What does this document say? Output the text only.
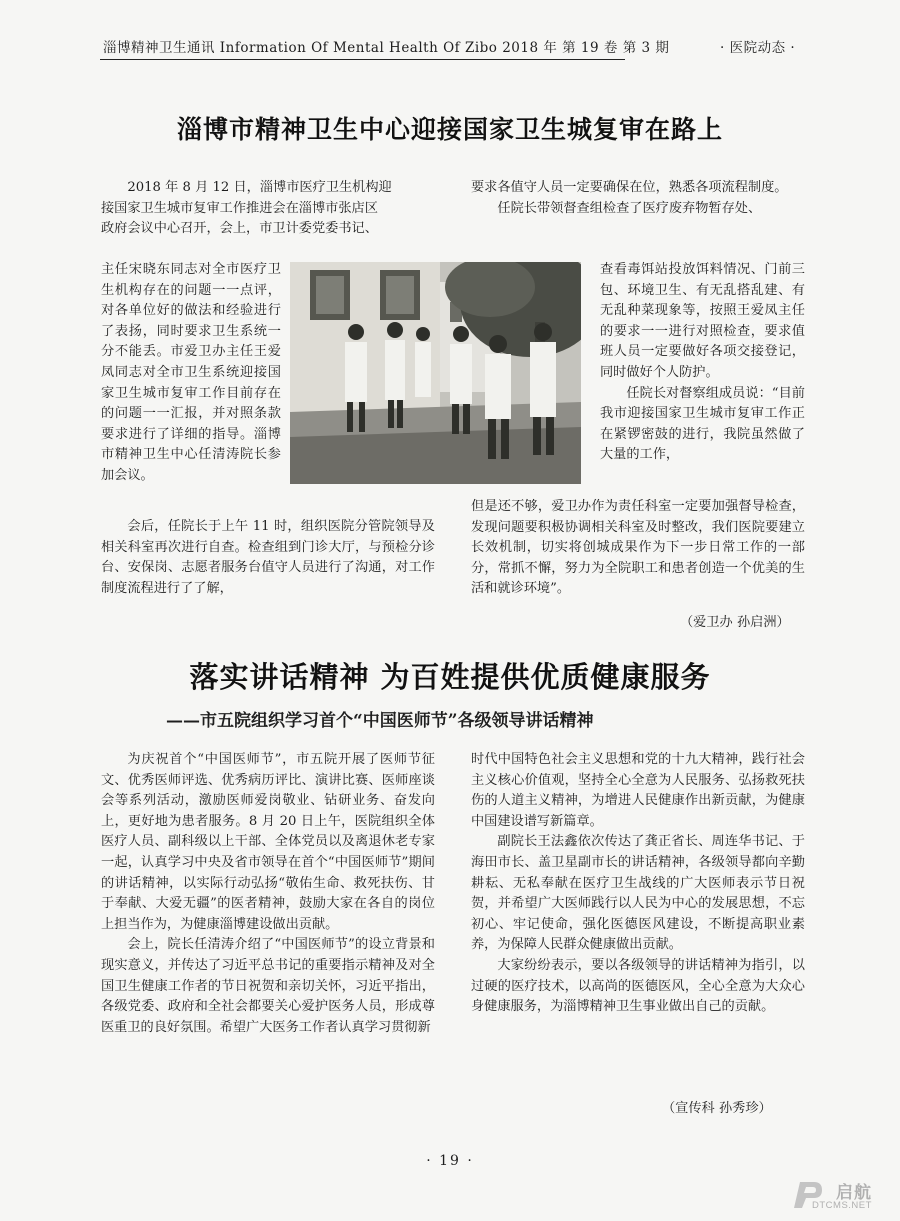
淄博精神卫生通讯 Information Of Mental Health Of Zibo 2018 年 第 19 卷 第 3 期	· 医院动态 ·
淄博市精神卫生中心迎接国家卫生城复审在路上

2018 年 8 月 12 日，淄博市医疗卫生机构迎

接国家卫生城市复审工作推进会在淄博市张店区

政府会议中心召开，会上，市卫计委党委书记、

主任宋晓东同志对全市医疗卫生机构存在的问题一一点评，对各单位好的做法和经验进行了表扬，同时要求卫生系统一分不能丢。市爱卫办主任王爱凤同志对全市卫生系统迎接国家卫生城市复审工作目前存在的问题一一汇报，并对照条款要求进行了详细的指导。淄博市精神卫生中心任清涛院长参加会议。

会后，任院长于上午 11 时，组织医院分管院领导及相关科室再次进行自查。检查组到门诊大厅，与预检分诊台、安保岗、志愿者服务台值守人员进行了沟通，对工作制度流程进行了了解，

要求各值守人员一定要确保在位，熟悉各项流程制度。

任院长带领督查组检查了医疗废弃物暂存处、

查看毒饵站投放饵料情况、门前三包、环境卫生、有无乱搭乱建、有无乱种菜现象等，按照王爱凤主任的要求一一进行对照检查，要求值班人员一定要做好各项交接登记，同时做好个人防护。

任院长对督察组成员说：“目前我市迎接国家卫生城市复审工作正在紧锣密鼓的进行，我院虽然做了大量的工作，

但是还不够，爱卫办作为责任科室一定要加强督导检查，发现问题要积极协调相关科室及时整改，我们医院要建立长效机制，切实将创城成果作为下一步日常工作的一部分，常抓不懈，努力为全院职工和患者创造一个优美的生活和就诊环境”。

（爱卫办 孙启洲）
落实讲话精神 为百姓提供优质健康服务
——市五院组织学习首个“中国医师节”各级领导讲话精神

为庆祝首个“中国医师节”，市五院开展了医师节征文、优秀医师评选、优秀病历评比、演讲比赛、医师座谈会等系列活动，激励医师爱岗敬业、钻研业务、奋发向上，更好地为患者服务。8 月 20 日上午，医院组织全体医疗人员、副科级以上干部、全体党员以及离退休老专家一起，认真学习中央及省市领导在首个“中国医师节”期间的讲话精神，以实际行动弘扬“敬佑生命、救死扶伤、甘于奉献、大爱无疆”的医者精神，鼓励大家在各自的岗位上担当作为，为健康淄博建设做出贡献。

会上，院长任清涛介绍了“中国医师节”的设立背景和现实意义，并传达了习近平总书记的重要指示精神及对全国卫生健康工作者的节日祝贺和亲切关怀，习近平指出，各级党委、政府和全社会都要关心爱护医务人员，形成尊医重卫的良好氛围。希望广大医务工作者认真学习贯彻新

时代中国特色社会主义思想和党的十九大精神，践行社会主义核心价值观，坚持全心全意为人民服务、弘扬救死扶伤的人道主义精神，为增进人民健康作出新贡献，为健康中国建设谱写新篇章。

副院长王法鑫依次传达了龚正省长、周连华书记、于海田市长、盖卫星副市长的讲话精神，各级领导都向辛勤耕耘、无私奉献在医疗卫生战线的广大医师表示节日祝贺，并希望广大医师践行以人民为中心的发展思想，不忘初心、牢记使命，强化医德医风建设，不断提高职业素养，为保障人民群众健康做出贡献。

大家纷纷表示，要以各级领导的讲话精神为指引，以过硬的医疗技术，以高尚的医德医风，全心全意为大众心身健康服务，为淄博精神卫生事业做出自己的贡献。

（宣传科 孙秀珍）
· 19 ·
启航
DTCMS.NET
